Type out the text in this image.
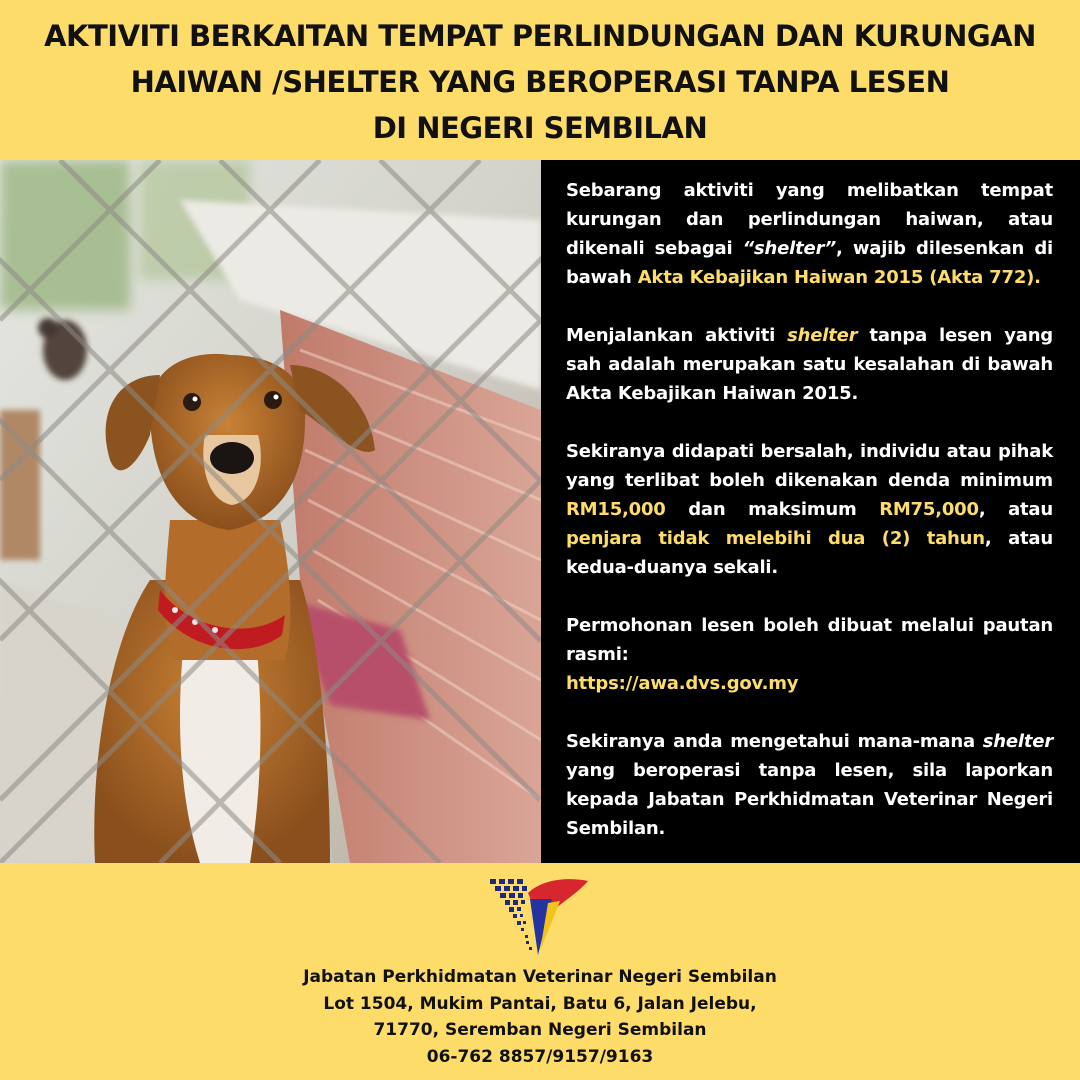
AKTIVITI BERKAITAN TEMPAT PERLINDUNGAN DAN KURUNGAN
HAIWAN /SHELTER YANG BEROPERASI TANPA LESEN
DI NEGERI SEMBILAN

Sebarang aktiviti yang melibatkan tempat kurungan dan perlindungan haiwan, atau dikenali sebagai “shelter”, wajib dilesenkan di bawah Akta Kebajikan Haiwan 2015 (Akta 772).

Menjalankan aktiviti shelter tanpa lesen yang sah adalah merupakan satu kesalahan di bawah Akta Kebajikan Haiwan 2015.

Sekiranya didapati bersalah, individu atau pihak yang terlibat boleh dikenakan denda minimum RM15,000 dan maksimum RM75,000, atau penjara tidak melebihi dua (2) tahun, atau kedua-duanya sekali.

Permohonan lesen boleh dibuat melalui pautan rasmi:
https://awa.dvs.gov.my

Sekiranya anda mengetahui mana-mana shelter yang beroperasi tanpa lesen, sila laporkan kepada Jabatan Perkhidmatan Veterinar Negeri Sembilan.

Jabatan Perkhidmatan Veterinar Negeri Sembilan
Lot 1504, Mukim Pantai, Batu 6, Jalan Jelebu,
71770, Seremban Negeri Sembilan
06-762 8857/9157/9163
